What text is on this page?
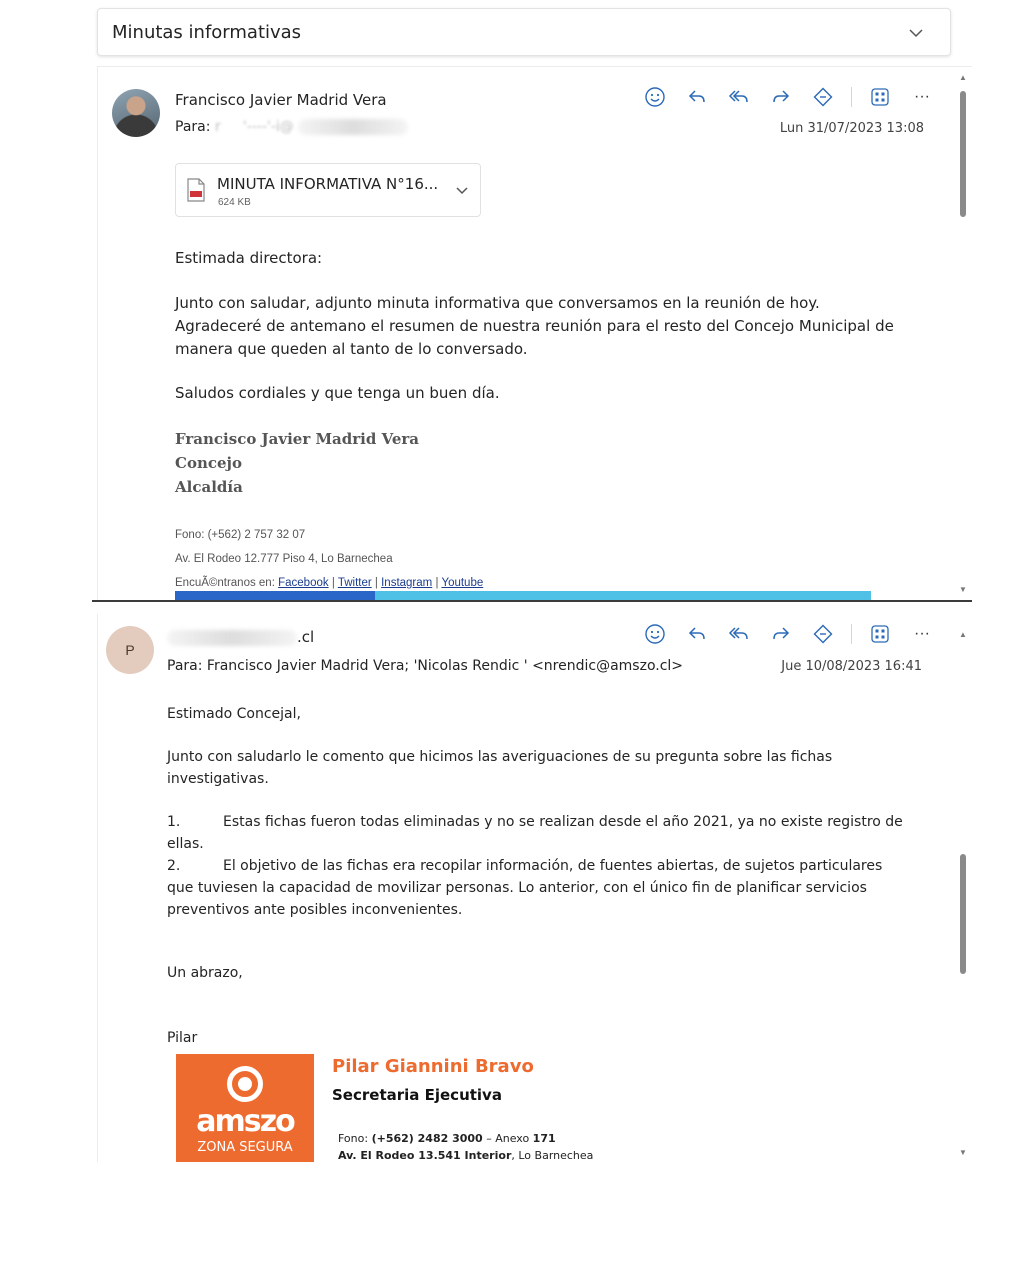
Minutas informativas
Francisco Javier Madrid Vera
Para: r     '----'-i@
···
Lun 31/07/2023 13:08
MINUTA INFORMATIVA N°16...
624 KB
Estimada directora:
Junto con saludar, adjunto minuta informativa que conversamos en la reunión de hoy.
Agradeceré de antemano el resumen de nuestra reunión para el resto del Concejo Municipal de
manera que queden al tanto de lo conversado.
Saludos cordiales y que tenga un buen día.
Francisco Javier Madrid Vera
Concejo
Alcaldía
Fono: (+562) 2 757 32 07
Av. El Rodeo 12.777 Piso 4, Lo Barnechea
EncuÃ©ntranos en: Facebook | Twitter | Instagram | Youtube
▲
▼
P
.cl
Para: Francisco Javier Madrid Vera; 'Nicolas Rendic ' <nrendic@amszo.cl>
···
Jue 10/08/2023 16:41
Estimado Concejal,
Junto con saludarlo le comento que hicimos las averiguaciones de su pregunta sobre las fichas
investigativas.
1.	Estas fichas fueron todas eliminadas y no se realizan desde el año 2021, ya no existe registro de
ellas.
2.	El objetivo de las fichas era recopilar información, de fuentes abiertas, de sujetos particulares
que tuviesen la capacidad de movilizar personas. Lo anterior, con el único fin de planificar servicios
preventivos ante posibles inconvenientes.
Un abrazo,
Pilar
amszo
ZONA SEGURA
Pilar Giannini Bravo
Secretaria Ejecutiva
Fono: (+562) 2482 3000 – Anexo 171
Av. El Rodeo 13.541 Interior, Lo Barnechea
▲
▼
